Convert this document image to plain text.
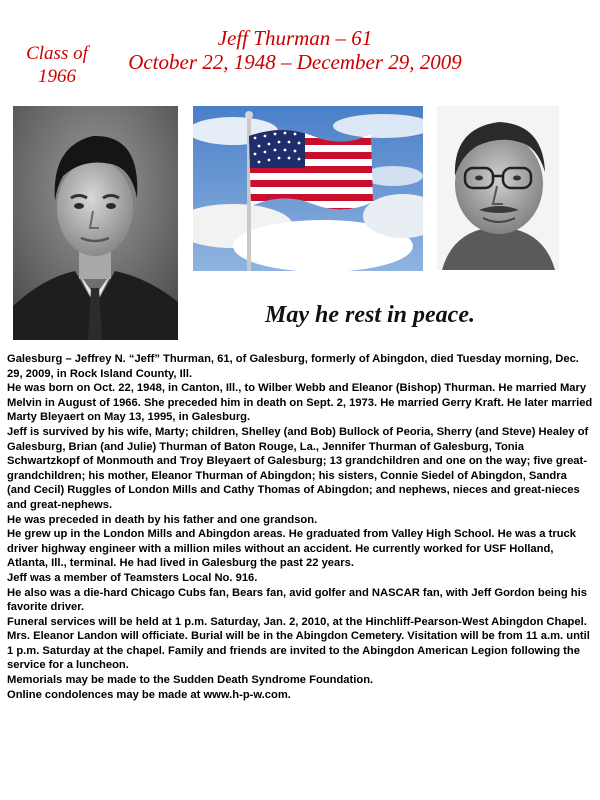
Class of
1966
Jeff Thurman – 61
October 22, 1948 – December 29, 2009
May he rest in peace.

Galesburg – Jeffrey N. “Jeff” Thurman, 61, of Galesburg, formerly of Abingdon, died Tuesday morning, Dec. 29, 2009, in Rock Island County, Ill.

He was born on Oct. 22, 1948, in Canton, Ill., to Wilber Webb and Eleanor (Bishop) Thurman. He married Mary Melvin in August of 1966. She preceded him in death on Sept. 2, 1973. He married Gerry Kraft. He later married Marty Bleyaert on May 13, 1995, in Galesburg.

Jeff is survived by his wife, Marty; children, Shelley (and Bob) Bullock of Peoria, Sherry (and Steve) Healey of Galesburg, Brian (and Julie) Thurman of Baton Rouge, La., Jennifer Thurman of Galesburg, Tonia Schwartzkopf of Monmouth and Troy Bleyaert of Galesburg; 13 grandchildren and one on the way; five great-grandchildren; his mother, Eleanor Thurman of Abingdon; his sisters, Connie Siedel of Abingdon, Sandra (and Cecil) Ruggles of London Mills and Cathy Thomas of Abingdon; and nephews, nieces and great-nieces and great-nephews.

He was preceded in death by his father and one grandson.

He grew up in the London Mills and Abingdon areas. He graduated from Valley High School. He was a truck driver highway engineer with a million miles without an accident. He currently worked for USF Holland, Atlanta, Ill., terminal. He had lived in Galesburg the past 22 years.

Jeff was a member of Teamsters Local No. 916.

He also was a die-hard Chicago Cubs fan, Bears fan, avid golfer and NASCAR fan, with Jeff Gordon being his favorite driver.

Funeral services will be held at 1 p.m. Saturday, Jan. 2, 2010, at the Hinchliff-Pearson-West Abingdon Chapel. Mrs. Eleanor Landon will officiate. Burial will be in the Abingdon Cemetery. Visitation will be from 11 a.m. until 1 p.m. Saturday at the chapel. Family and friends are invited to the Abingdon American Legion following the service for a luncheon.

Memorials may be made to the Sudden Death Syndrome Foundation.

Online condolences may be made at www.h-p-w.com.
